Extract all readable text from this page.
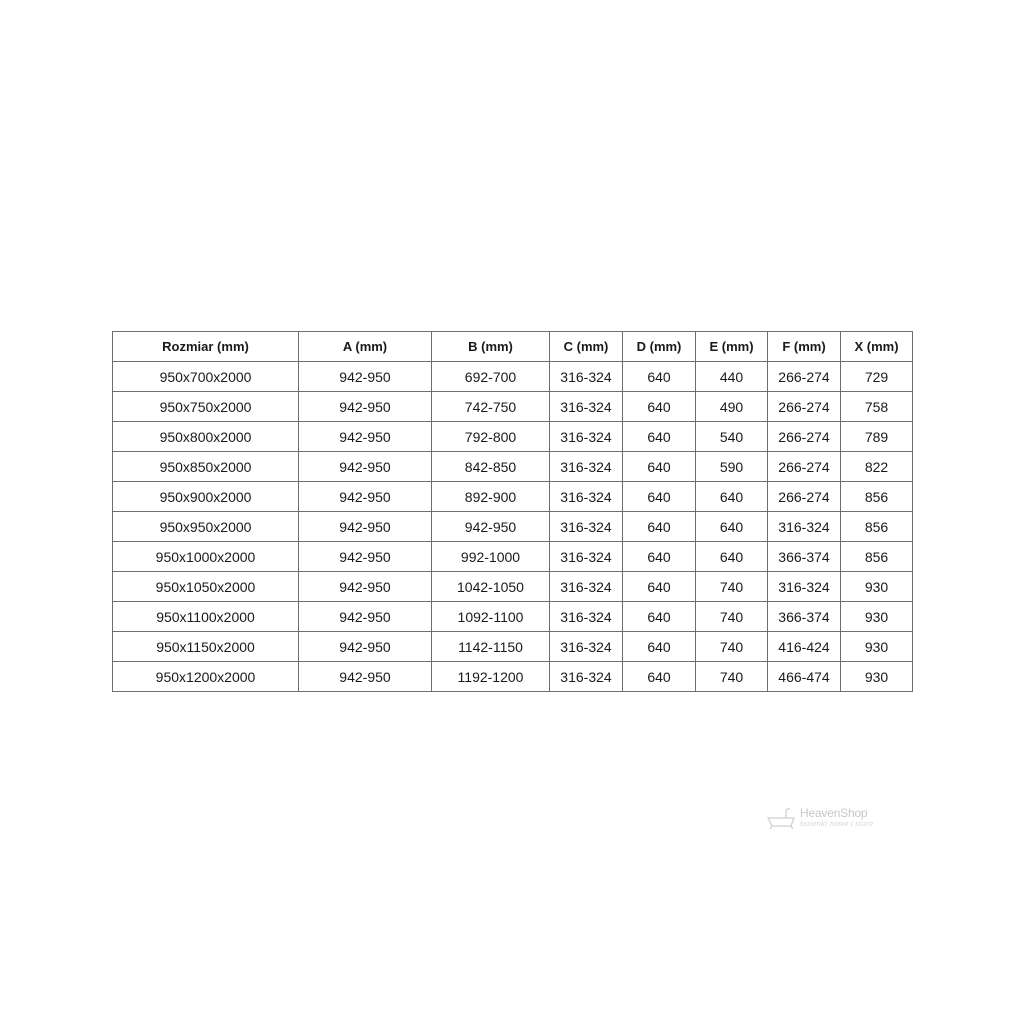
Rozmiar (mm)	A (mm)	B (mm)	C (mm)	D (mm)	E (mm)	F (mm)	X (mm)
950x700x2000	942-950	692-700	316-324	640	440	266-274	729
950x750x2000	942-950	742-750	316-324	640	490	266-274	758
950x800x2000	942-950	792-800	316-324	640	540	266-274	789
950x850x2000	942-950	842-850	316-324	640	590	266-274	822
950x900x2000	942-950	892-900	316-324	640	640	266-274	856
950x950x2000	942-950	942-950	316-324	640	640	316-324	856
950x1000x2000	942-950	992-1000	316-324	640	640	366-374	856
950x1050x2000	942-950	1042-1050	316-324	640	740	316-324	930
950x1100x2000	942-950	1092-1100	316-324	640	740	366-374	930
950x1150x2000	942-950	1142-1150	316-324	640	740	416-424	930
950x1200x2000	942-950	1192-1200	316-324	640	740	466-474	930
HeavenShop
łazienki nowe i stare
